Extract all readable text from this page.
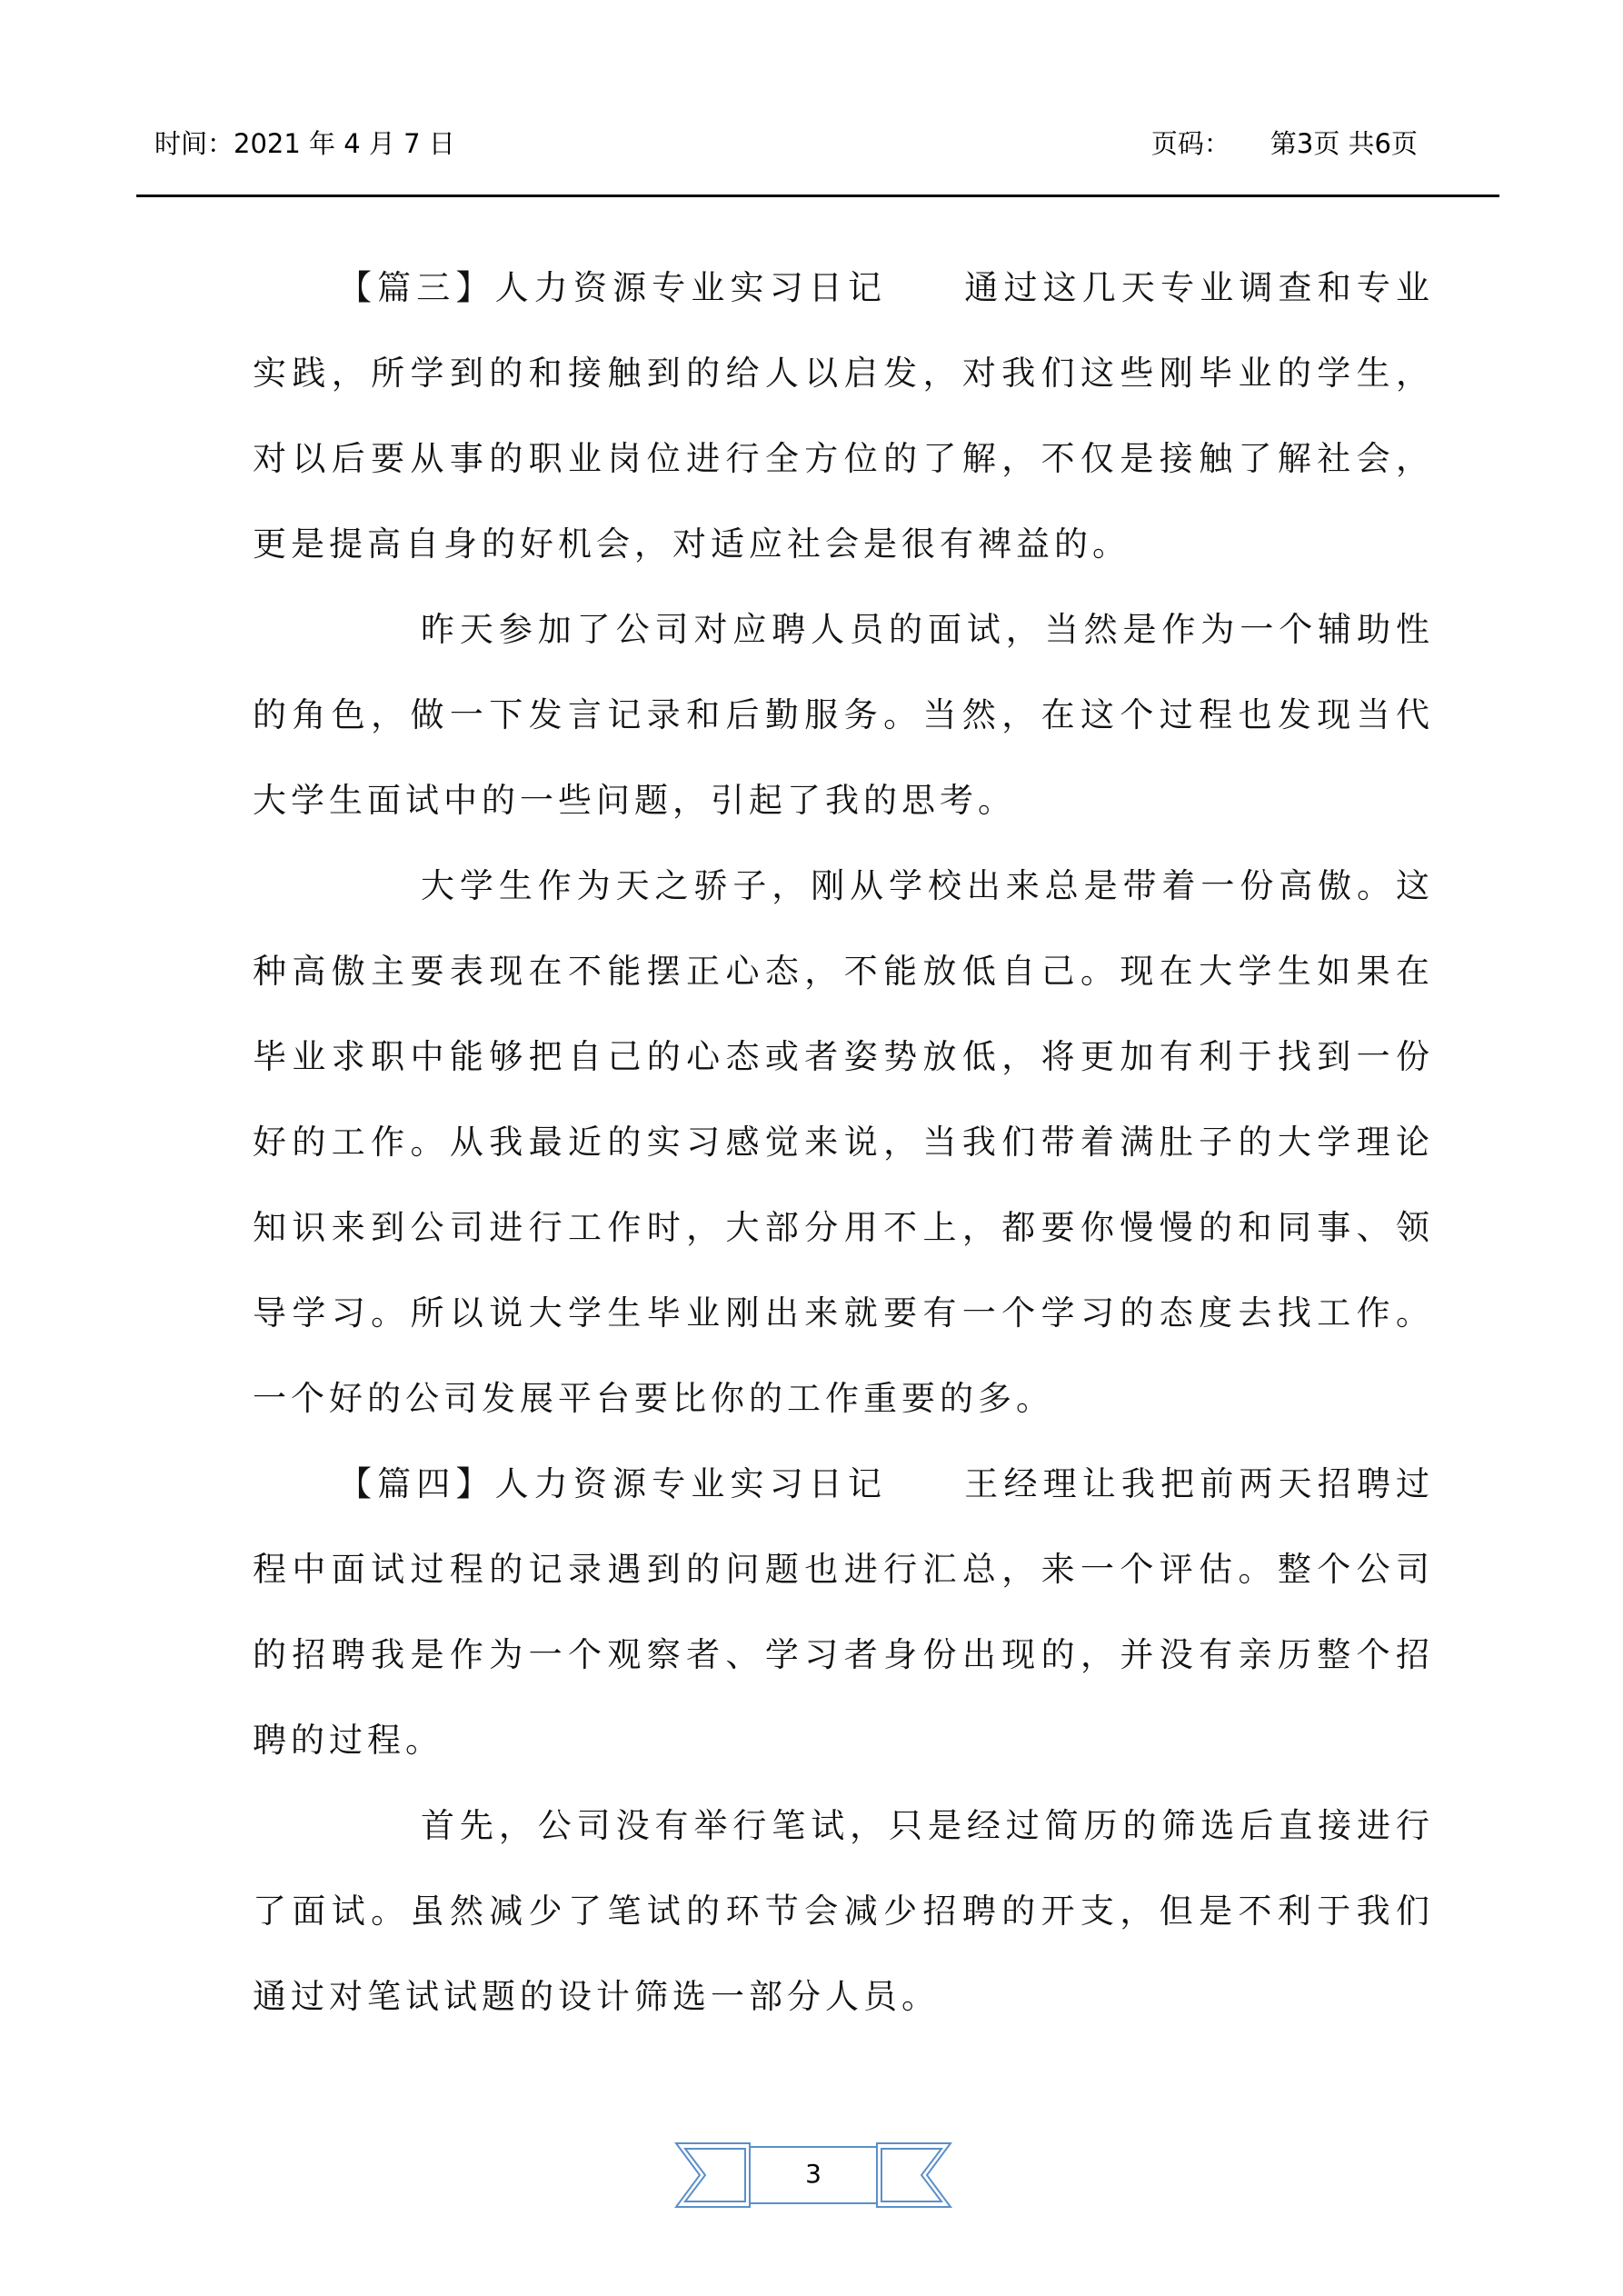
时间：2021 年 4 月 7 日	页码： 第3页 共6页

【篇三】人力资源专业实习日记 通过这几天专业调查和专业实践，所学到的和接触到的给人以启发，对我们这些刚毕业的学生，对以后要从事的职业岗位进行全方位的了解，不仅是接触了解社会，更是提高自身的好机会，对适应社会是很有裨益的。

昨天参加了公司对应聘人员的面试，当然是作为一个辅助性的角色，做一下发言记录和后勤服务。当然，在这个过程也发现当代大学生面试中的一些问题，引起了我的思考。

大学生作为天之骄子，刚从学校出来总是带着一份高傲。这种高傲主要表现在不能摆正心态，不能放低自己。现在大学生如果在毕业求职中能够把自己的心态或者姿势放低，将更加有利于找到一份好的工作。从我最近的实习感觉来说，当我们带着满肚子的大学理论知识来到公司进行工作时，大部分用不上，都要你慢慢的和同事、领导学习。所以说大学生毕业刚出来就要有一个学习的态度去找工作。一个好的公司发展平台要比你的工作重要的多。

【篇四】人力资源专业实习日记 王经理让我把前两天招聘过程中面试过程的记录遇到的问题也进行汇总，来一个评估。整个公司的招聘我是作为一个观察者、学习者身份出现的，并没有亲历整个招聘的过程。

首先，公司没有举行笔试，只是经过简历的筛选后直接进行了面试。虽然减少了笔试的环节会减少招聘的开支，但是不利于我们通过对笔试试题的设计筛选一部分人员。

3
